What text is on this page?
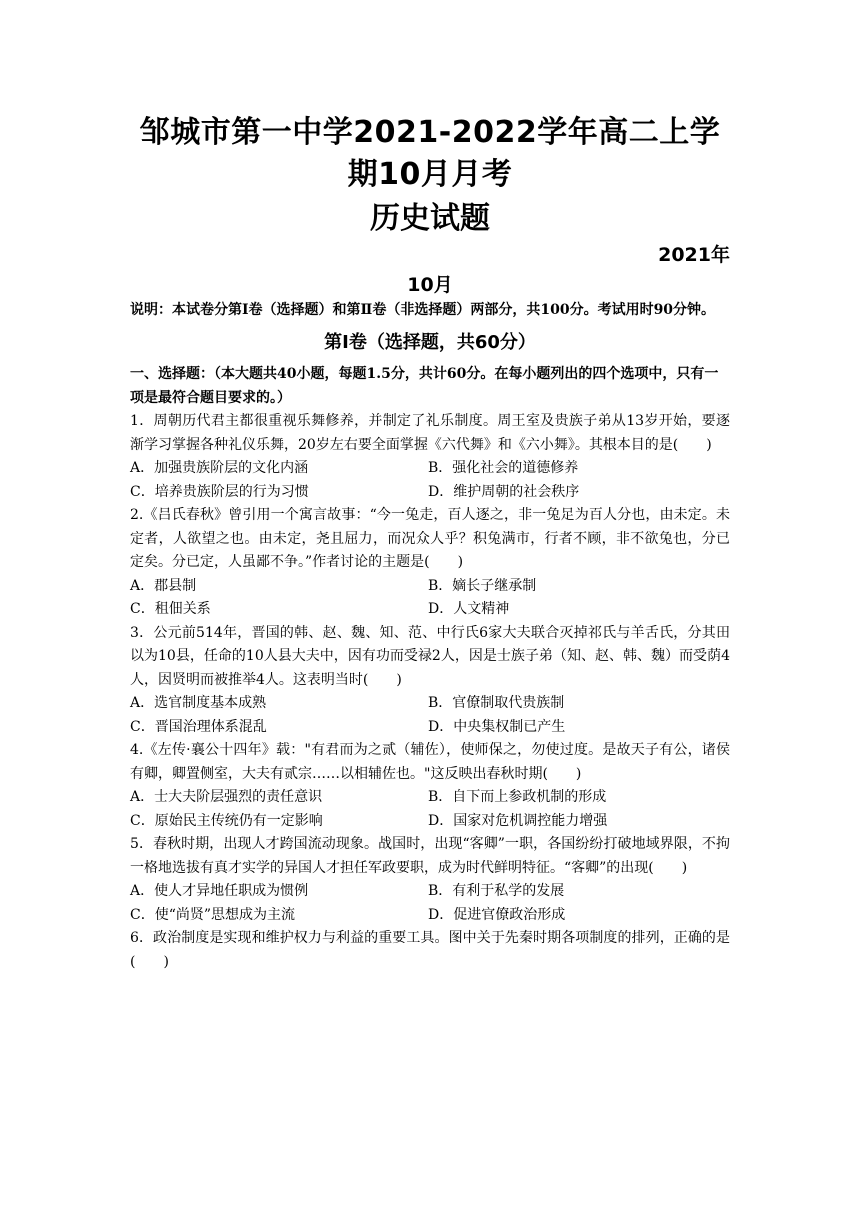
邹城市第一中学2021-2022学年高二上学期10月月考
历史试题
2021年
10月
说明：本试卷分第Ⅰ卷（选择题）和第Ⅱ卷（非选择题）两部分，共100分。考试用时90分钟。
第Ⅰ卷（选择题，共60分）
一、选择题：（本大题共40小题，每题1.5分，共计60分。在每小题列出的四个选项中，只有一项是最符合题目要求的。）
1．周朝历代君主都很重视乐舞修养，并制定了礼乐制度。周王室及贵族子弟从13岁开始，要逐渐学习掌握各种礼仪乐舞，20岁左右要全面掌握《六代舞》和《六小舞》。其根本目的是(　　)
A．加强贵族阶层的文化内涵	B．强化社会的道德修养
C．培养贵族阶层的行为习惯	D．维护周朝的社会秩序
2.《吕氏春秋》曾引用一个寓言故事：“今一兔走，百人逐之，非一兔足为百人分也，由未定。未定者，人欲望之也。由未定，尧且屈力，而况众人乎？积兔满市，行者不顾，非不欲兔也，分已定矣。分已定，人虽鄙不争。”作者讨论的主题是(　　)
A．郡县制	B．嫡长子继承制
C．租佃关系	D．人文精神
3．公元前514年，晋国的韩、赵、魏、知、范、中行氏6家大夫联合灭掉祁氏与羊舌氏，分其田以为10县，任命的10人县大夫中，因有功而受禄2人，因是士族子弟（知、赵、韩、魏）而受荫4人，因贤明而被推举4人。这表明当时(　　)
A．选官制度基本成熟	B．官僚制取代贵族制
C．晋国治理体系混乱	D．中央集权制已产生
4.《左传·襄公十四年》载："有君而为之贰（辅佐），使师保之，勿使过度。是故天子有公，诸侯有卿，卿置侧室，大夫有贰宗……以相辅佐也。"这反映出春秋时期(　　)
A．士大夫阶层强烈的责任意识	B．自下而上参政机制的形成
C．原始民主传统仍有一定影响	D．国家对危机调控能力增强
5．春秋时期，出现人才跨国流动现象。战国时，出现“客卿”一职，各国纷纷打破地域界限，不拘一格地选拔有真才实学的异国人才担任军政要职，成为时代鲜明特征。“客卿”的出现(　　)
A．使人才异地任职成为惯例	B．有利于私学的发展
C．使“尚贤”思想成为主流	D．促进官僚政治形成
6．政治制度是实现和维护权力与利益的重要工具。图中关于先秦时期各项制度的排列，正确的是(　　)
